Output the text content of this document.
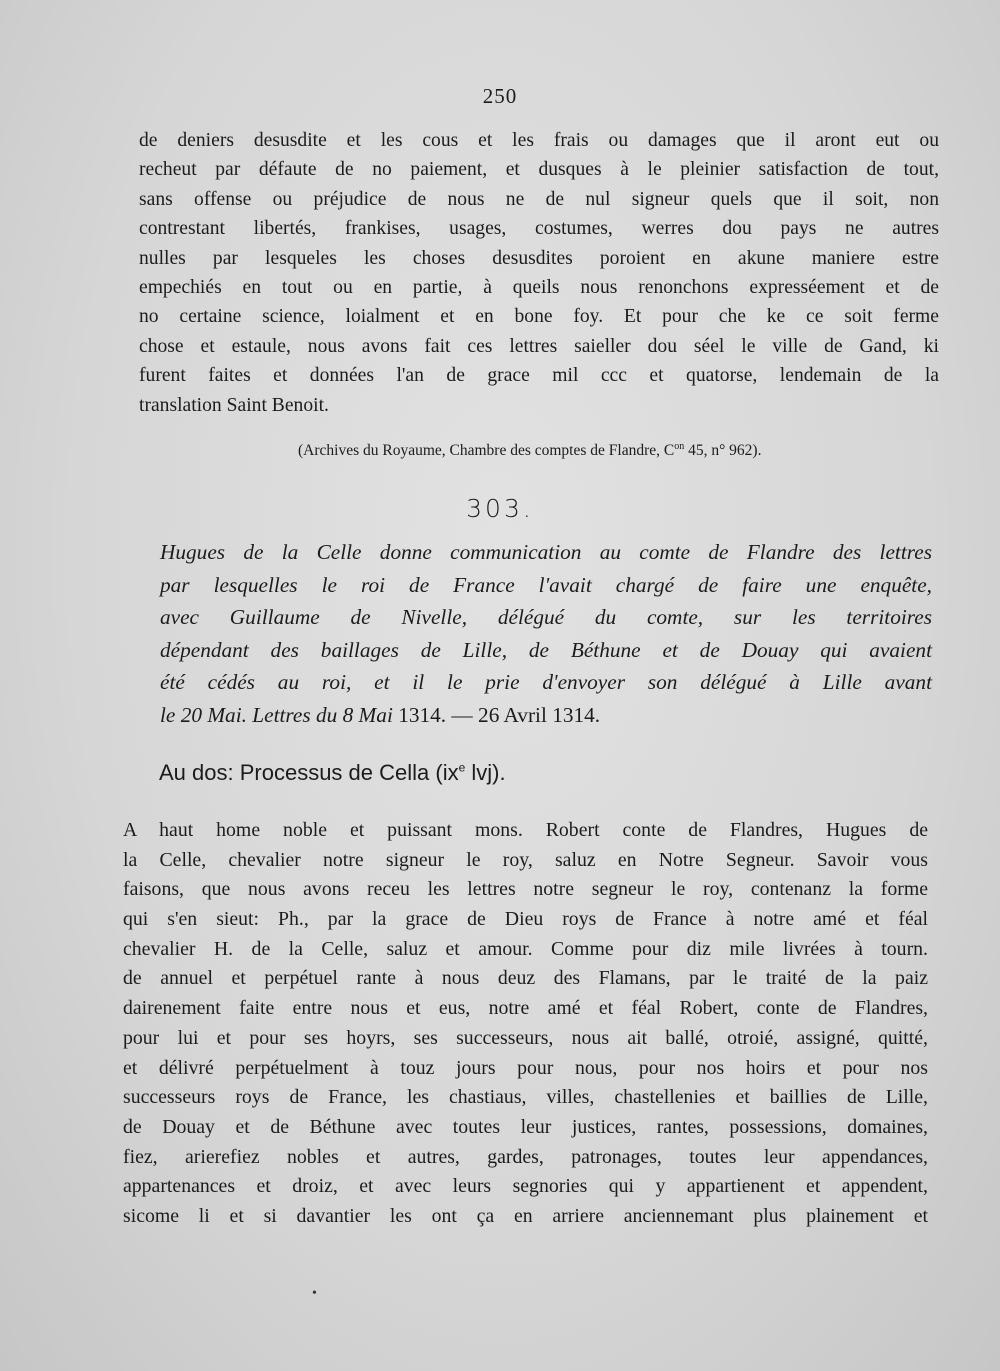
250
de deniers desusdite et les cous et les frais ou damages que il aront eut ou
recheut par défaute de no paiement, et dusques à le pleinier satisfaction de tout,
sans offense ou préjudice de nous ne de nul signeur quels que il soit, non
contrestant libertés, frankises, usages, costumes, werres dou pays ne autres
nulles par lesqueles les choses desusdites poroient en akune maniere estre
empechiés en tout ou en partie, à queils nous renonchons expresséement et de
no certaine science, loialment et en bone foy. Et pour che ke ce soit ferme
chose et estaule, nous avons fait ces lettres saieller dou séel le ville de Gand, ki
furent faites et données l'an de grace mil ccc et quatorse, lendemain de la
translation Saint Benoit.
(Archives du Royaume, Chambre des comptes de Flandre, $C^{on}$ 45, n° 962).
303.
Hugues de la Celle donne communication au comte de Flandre des lettres
par lesquelles le roi de France l'avait chargé de faire une enquête,
avec Guillaume de Nivelle, délégué du comte, sur les territoires
dépendant des baillages de Lille, de Béthune et de Douay qui avaient
été cédés au roi, et il le prie d'envoyer son délégué à Lille avant
le 20 Mai. Lettres du 8 Mai 1314. — 26 Avril 1314.
Au dos: Processus de Cella ($ix^e$ lvj).
A haut home noble et puissant mons. Robert conte de Flandres, Hugues de
la Celle, chevalier notre signeur le roy, saluz en Notre Segneur. Savoir vous
faisons, que nous avons receu les lettres notre segneur le roy, contenanz la forme
qui s'en sieut: Ph., par la grace de Dieu roys de France à notre amé et féal
chevalier H. de la Celle, saluz et amour. Comme pour diz mile livrées à tourn.
de annuel et perpétuel rante à nous deuz des Flamans, par le traité de la paiz
dairenement faite entre nous et eus, notre amé et féal Robert, conte de Flandres,
pour lui et pour ses hoyrs, ses successeurs, nous ait ballé, otroié, assigné, quitté,
et délivré perpétuelment à touz jours pour nous, pour nos hoirs et pour nos
successeurs roys de France, les chastiaus, villes, chastellenies et baillies de Lille,
de Douay et de Béthune avec toutes leur justices, rantes, possessions, domaines,
fiez, arierefiez nobles et autres, gardes, patronages, toutes leur appendances,
appartenances et droiz, et avec leurs segnories qui y appartienent et appendent,
sicome li et si davantier les ont ça en arriere anciennemant plus plainement et
•
